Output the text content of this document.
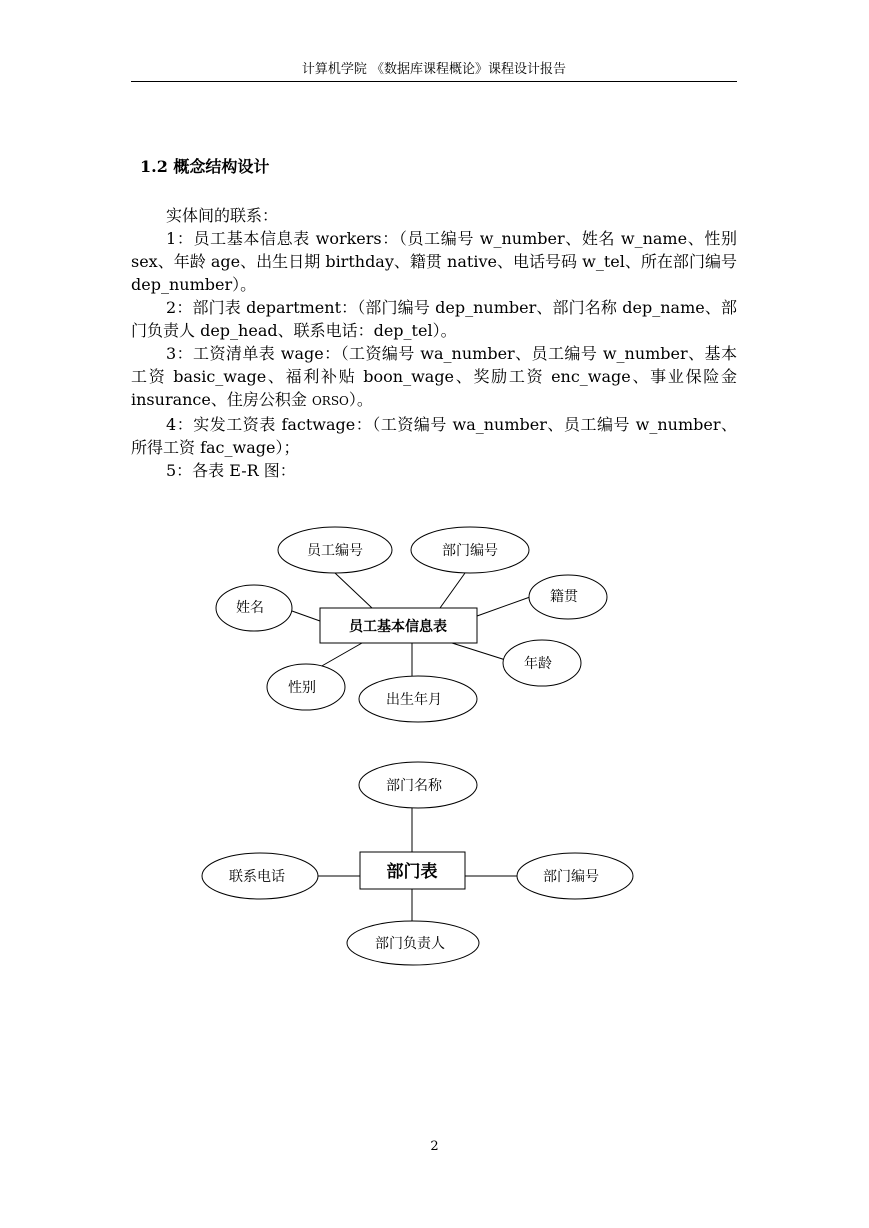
计算机学院 《数据库课程概论》课程设计报告
1.2 概念结构设计

实体间的联系：

1：员工基本信息表 workers：（员工编号 w_number、姓名 w_name、性别 sex、年龄 age、出生日期 birthday、籍贯 native、电话号码 w_tel、所在部门编号 dep_number）。

2：部门表 department：（部门编号 dep_number、部门名称 dep_name、部门负责人 dep_head、联系电话：dep_tel）。

3：工资清单表 wage：（工资编号 wa_number、员工编号 w_number、基本工资 basic_wage、福利补贴 boon_wage、奖励工资 enc_wage、事业保险金 insurance、住房公积金 ORSO）。

4：实发工资表 factwage：（工资编号 wa_number、员工编号 w_number、所得工资 fac_wage）；

5：各表 E-R 图：

员工基本信息表
员工编号	部门编号
姓名
籍贯
年龄
性别
出生年月
部门表
部门名称
联系电话	部门编号
部门负责人
2
